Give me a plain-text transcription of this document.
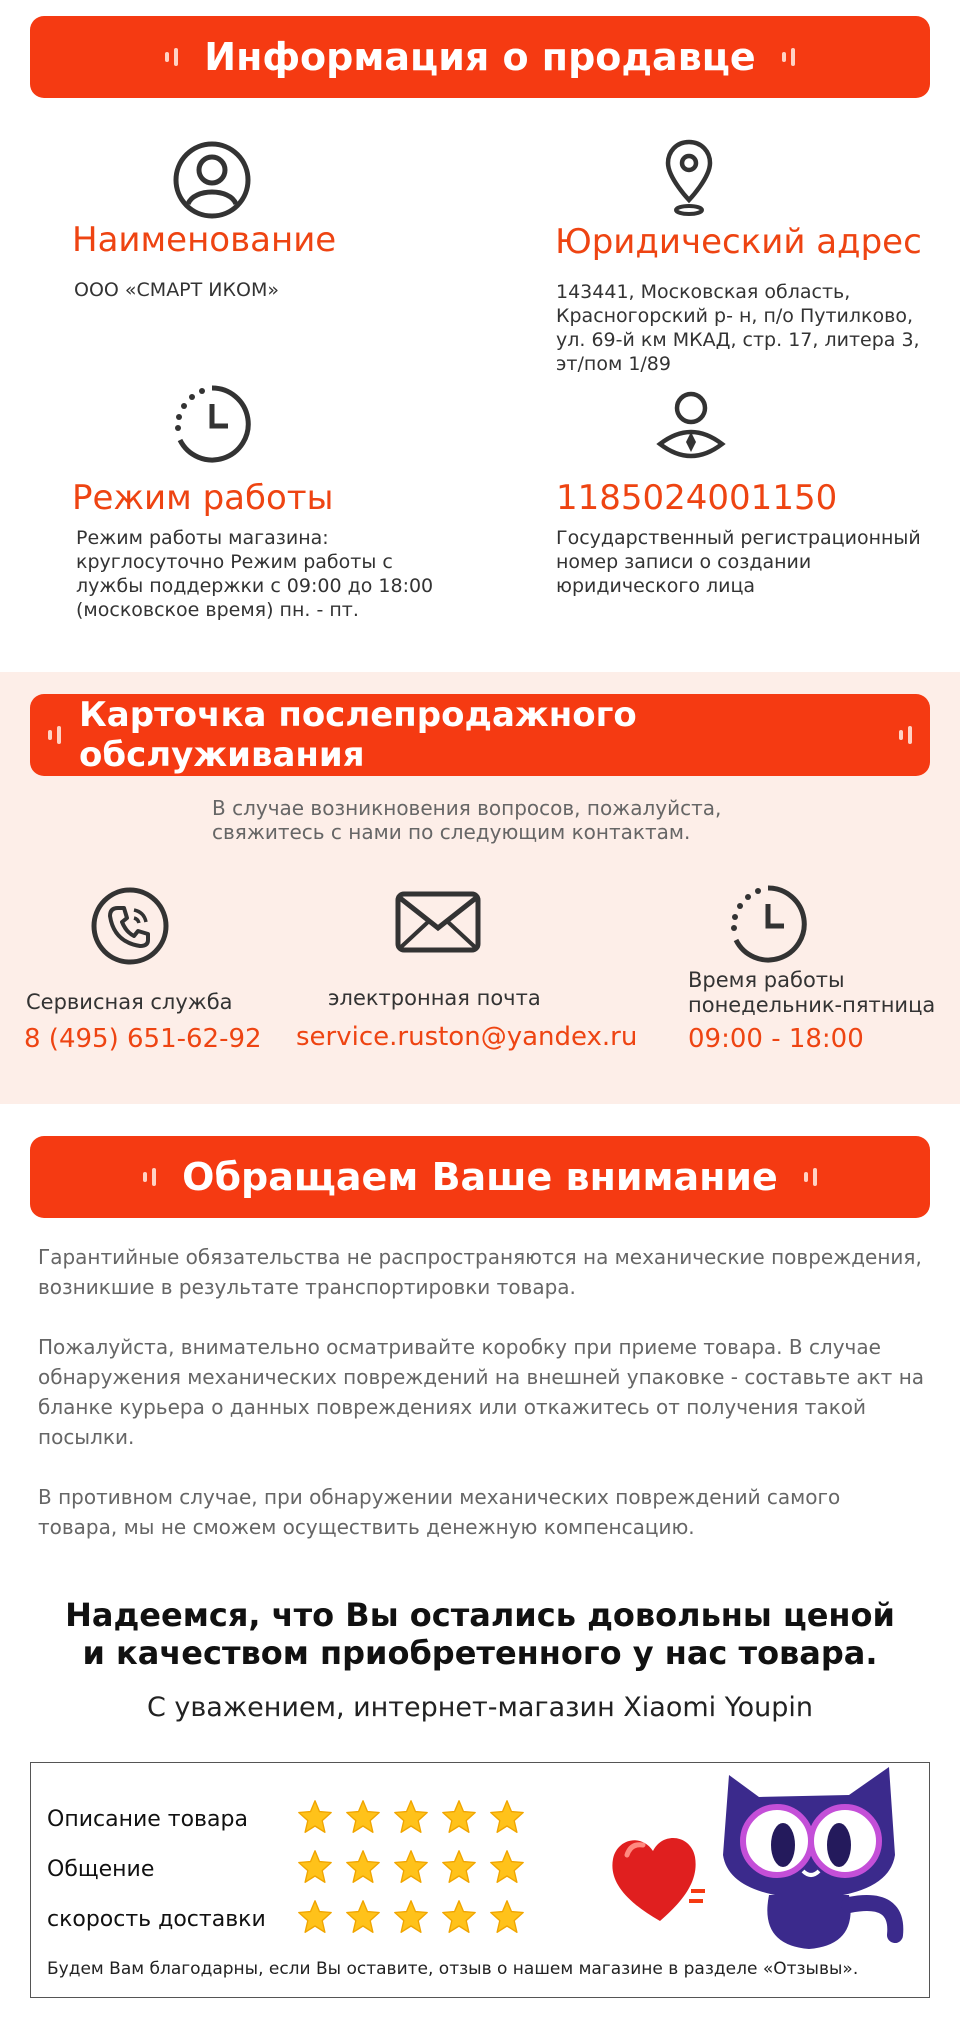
Информация о продавце
Наименование
ООО «СМАРТ ИКОМ»
Юридический адрес
143441, Московская область,
Красногорский р- н, п/о Путилково,
ул. 69-й км МКАД, стр. 17, литера 3,
эт/пом 1/89
Режим работы
Режим работы магазина:
круглосуточно Режим работы с
лужбы поддержки с 09:00 до 18:00
(московское время) пн. - пт.
1185024001150
Государственный регистрационный
номер записи о создании
юридического лица
Карточка послепродажного обслуживания
В случае возникновения вопросов, пожалуйста,
свяжитесь с нами по следующим контактам.
Сервисная служба
8 (495) 651-62-92
электронная почта
service.ruston@yandex.ru
Время работы
понедельник-пятница
09:00 - 18:00
Обращаем Ваше внимание
Гарантийные обязательства не распространяются на механические повреждения,
возникшие в результате транспортировки товара.
Пожалуйста, внимательно осматривайте коробку при приеме товара. В случае
обнаружения механических повреждений на внешней упаковке - составьте акт на
бланке курьера о данных повреждениях или откажитесь от получения такой
посылки.
В противном случае, при обнаружении механических повреждений самого
товара, мы не сможем осуществить денежную компенсацию.
Надеемся, что Вы остались довольны ценой
и качеством приобретенного у нас товара.
С уважением, интернет-магазин Xiaomi Youpin
Описание товара
Общение
скорость доставки
Будем Вам благодарны, если Вы оставите, отзыв о нашем магазине в разделе «Отзывы».
